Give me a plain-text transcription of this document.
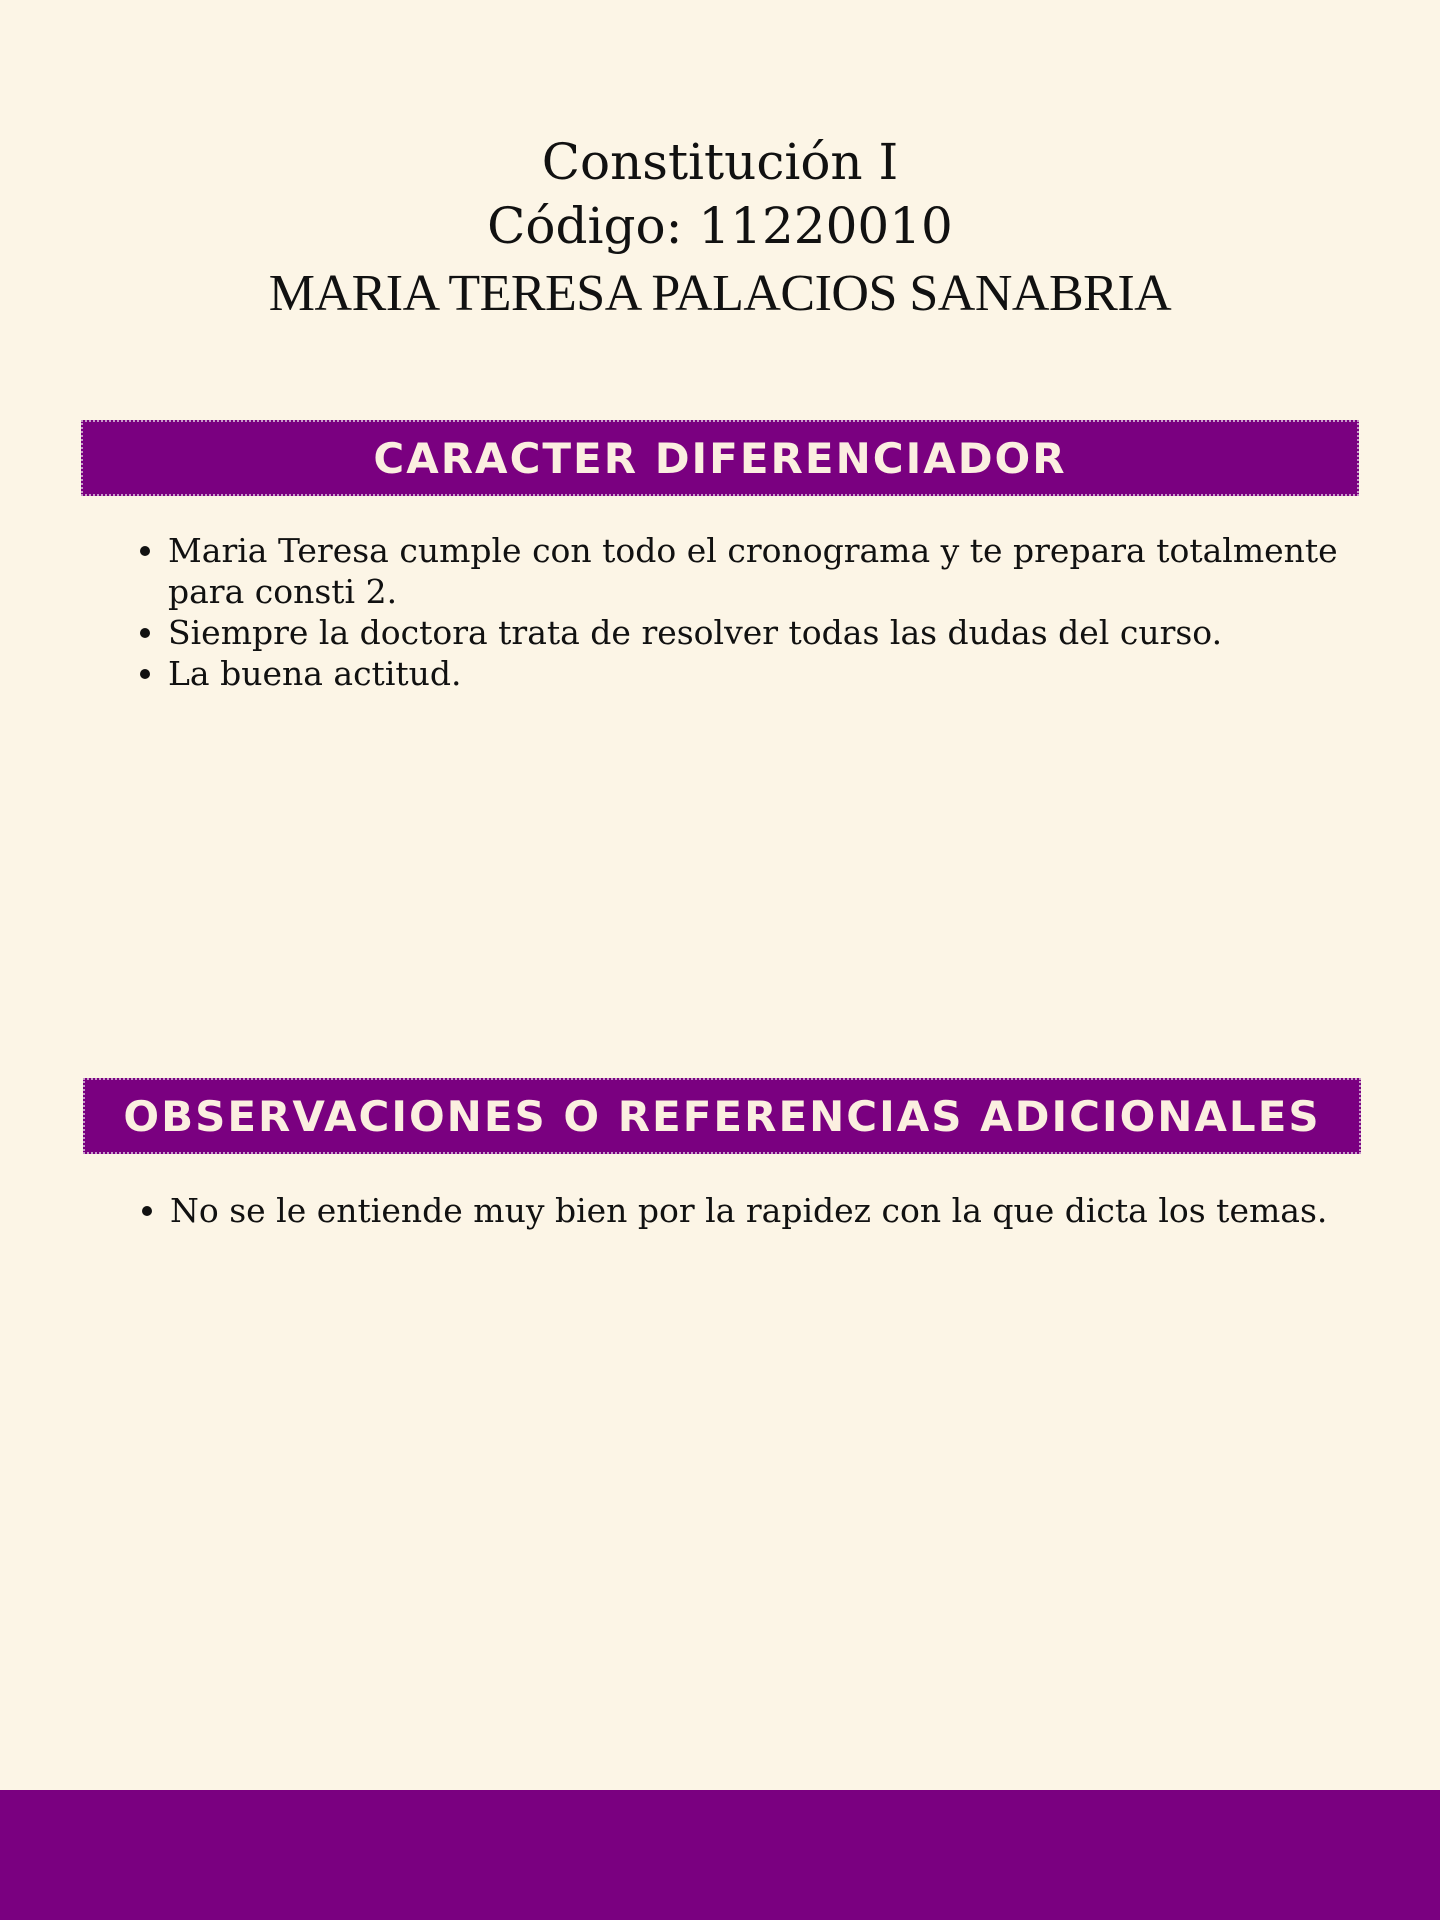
Constitución I
Código: 11220010
MARIA TERESA PALACIOS SANABRIA
CARACTER DIFERENCIADOR
Maria Teresa cumple con todo el cronograma y te prepara totalmente para consti 2.
Siempre la doctora trata de resolver todas las dudas del curso.
La buena actitud.
OBSERVACIONES O REFERENCIAS ADICIONALES
No se le entiende muy bien por la rapidez con la que dicta los temas.
